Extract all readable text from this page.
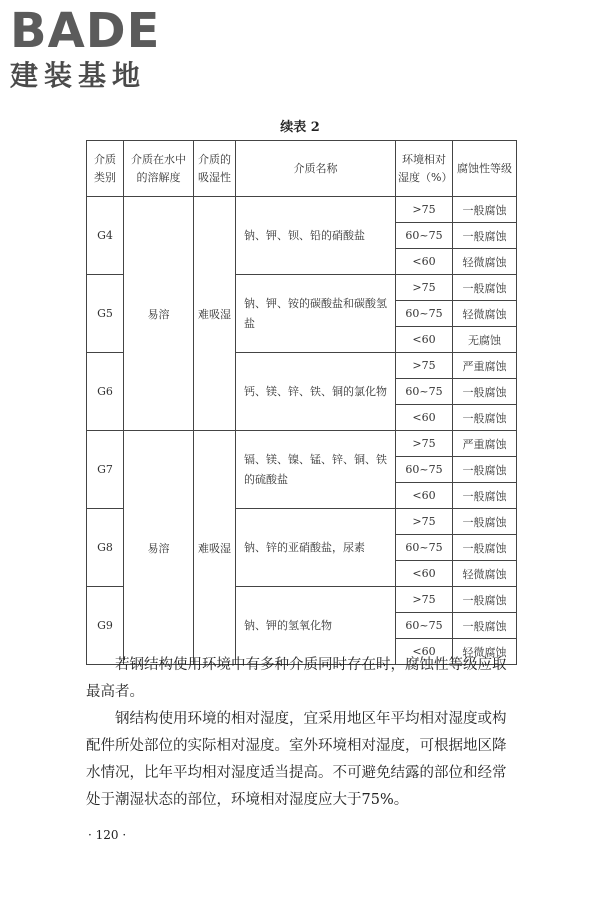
BADE
建装基地
续表 2
介质类别	介质在水中的溶解度	介质的吸湿性	介质名称	环境相对湿度（%）	腐蚀性等级
G4	易溶	难吸湿	钠、钾、钡、铅的硝酸盐	>75	一般腐蚀
				60~75	一般腐蚀
				<60	轻微腐蚀
G5			钠、钾、铵的碳酸盐和碳酸氢盐	>75	一般腐蚀
				60~75	轻微腐蚀
				<60	无腐蚀
G6			钙、镁、锌、铁、铜的氯化物	>75	严重腐蚀
				60~75	一般腐蚀
				<60	一般腐蚀
G7	易溶	难吸湿	镉、镁、镍、锰、锌、铜、铁的硫酸盐	>75	严重腐蚀
				60~75	一般腐蚀
				<60	一般腐蚀
G8			钠、锌的亚硝酸盐，尿素	>75	一般腐蚀
				60~75	一般腐蚀
				<60	轻微腐蚀
G9			钠、钾的氢氧化物	>75	一般腐蚀
				60~75	一般腐蚀
				<60	轻微腐蚀

若钢结构使用环境中有多种介质同时存在时，腐蚀性等级应取最高者。

钢结构使用环境的相对湿度，宜采用地区年平均相对湿度或构配件所处部位的实际相对湿度。室外环境相对湿度，可根据地区降水情况，比年平均相对湿度适当提高。不可避免结露的部位和经常处于潮湿状态的部位，环境相对湿度应大于75%。

· 120 ·
